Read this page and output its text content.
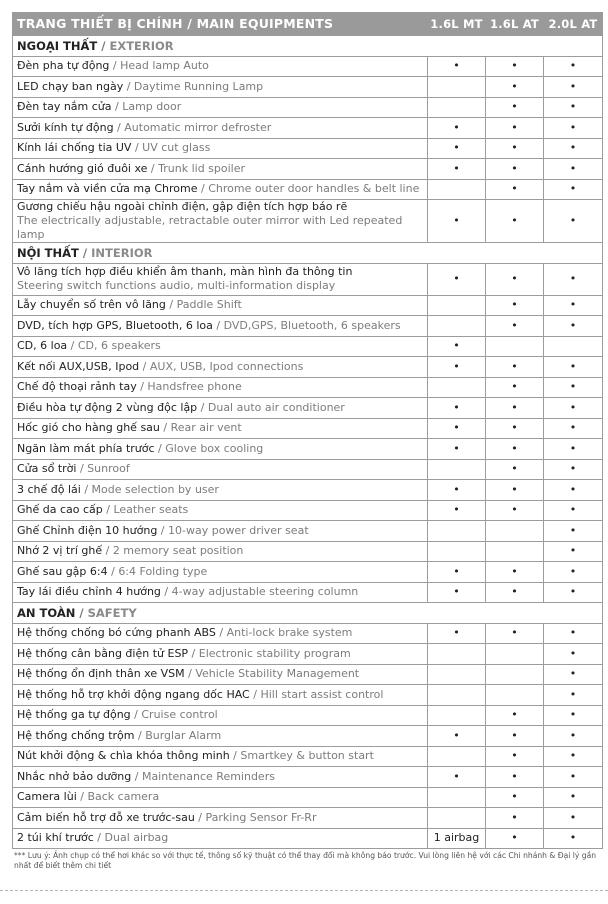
TRANG THIẾT BỊ CHÍNH / MAIN EQUIPMENTS	1.6L MT	1.6L AT	2.0L AT
NGOẠI THẤT / EXTERIOR			
Đèn pha tự động / Head lamp Auto	•	•	•
LED chạy ban ngày / Daytime Running Lamp		•	•
Đèn tay nắm cửa / Lamp door		•	•
Sưởi kính tự động / Automatic mirror defroster	•	•	•
Kính lái chống tia UV / UV cut glass	•	•	•
Cánh hướng gió đuôi xe / Trunk lid spoiler	•	•	•
Tay nắm và viền cửa mạ Chrome / Chrome outer door handles & belt line		•	•
Gương chiếu hậu ngoài chỉnh điện, gập điện tích hợp báo rẽ
The electrically adjustable, retractable outer mirror with Led repeated lamp	•	•	•
NỘI THẤT / INTERIOR			
Vô lăng tích hợp điều khiển âm thanh, màn hình đa thông tin
Steering switch functions audio, multi-information display	•	•	•
Lẫy chuyển số trên vô lăng / Paddle Shift		•	•
DVD, tích hợp GPS, Bluetooth, 6 loa / DVD,GPS, Bluetooth, 6 speakers		•	•
CD, 6 loa / CD, 6 speakers	•		
Kết nối AUX,USB, Ipod / AUX, USB, Ipod connections	•	•	•
Chế độ thoại rảnh tay / Handsfree phone		•	•
Điều hòa tự động 2 vùng độc lập / Dual auto air conditioner	•	•	•
Hốc gió cho hàng ghế sau / Rear air vent	•	•	•
Ngăn làm mát phía trước / Glove box cooling	•	•	•
Cửa sổ trời / Sunroof		•	•
3 chế độ lái / Mode selection by user	•	•	•
Ghế da cao cấp / Leather seats	•	•	•
Ghế Chỉnh điện 10 hướng / 10-way power driver seat			•
Nhớ 2 vị trí ghế / 2 memory seat position			•
Ghế sau gập 6:4 / 6:4 Folding type	•	•	•
Tay lái điều chỉnh 4 hướng / 4-way adjustable steering column	•	•	•
AN TOÀN / SAFETY			
Hệ thống chống bó cứng phanh ABS / Anti-lock brake system	•	•	•
Hệ thống cân bằng điện tử ESP / Electronic stability program			•
Hệ thống ổn định thân xe VSM / Vehicle Stability Management			•
Hệ thống hỗ trợ khởi động ngang dốc HAC / Hill start assist control			•
Hệ thống ga tự động / Cruise control		•	•
Hệ thống chống trộm / Burglar Alarm	•	•	•
Nút khởi động & chìa khóa thông minh / Smartkey & button start		•	•
Nhắc nhở bảo dưỡng / Maintenance Reminders	•	•	•
Camera lùi / Back camera		•	•
Cảm biến hỗ trợ đỗ xe trước-sau / Parking Sensor Fr-Rr		•	•
2 túi khí trước / Dual airbag	1 airbag	•	•
*** Lưu ý: Ảnh chụp có thể hơi khác so với thực tế, thông số kỹ thuật có thể thay đổi mà không báo trước. Vui lòng liên hệ với các Chi nhánh & Đại lý gần nhất để biết thêm chi tiết
